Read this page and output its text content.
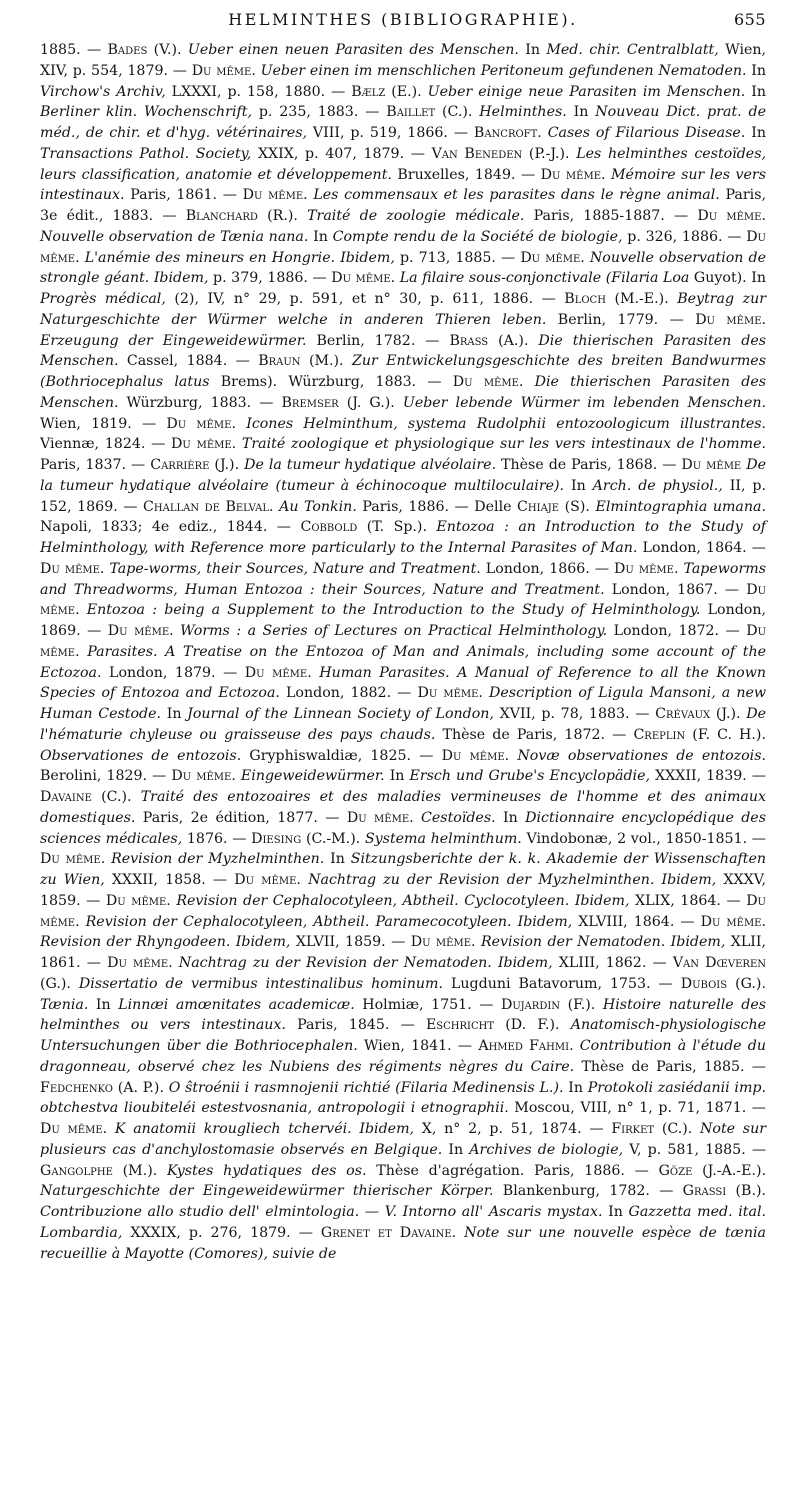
HELMINTHES (BIBLIOGRAPHIE).	655
1885. — Bades (V.). Ueber einen neuen Parasiten des Menschen. In Med. chir. Centralblatt, Wien, XIV, p. 554, 1879. — Du même. Ueber einen im menschlichen Peritoneum gefundenen Nematoden. In Virchow's Archiv, LXXXI, p. 158, 1880. — Bælz (E.). Ueber einige neue Parasiten im Menschen. In Berliner klin. Wochenschrift, p. 235, 1883. — Baillet (C.). Helminthes. In Nouveau Dict. prat. de méd., de chir. et d'hyg. vétérinaires, VIII, p. 519, 1866. — Bancroft. Cases of Filarious Disease. In Transactions Pathol. Society, XXIX, p. 407, 1879. — Van Beneden (P.-J.). Les helminthes cestoïdes, leurs classification, anatomie et développement. Bruxelles, 1849. — Du même. Mémoire sur les vers intestinaux. Paris, 1861. — Du même. Les commensaux et les parasites dans le règne animal. Paris, 3e édit., 1883. — Blanchard (R.). Traité de zoologie médicale. Paris, 1885-1887. — Du même. Nouvelle observation de Tænia nana. In Compte rendu de la Société de biologie, p. 326, 1886. — Du même. L'anémie des mineurs en Hongrie. Ibidem, p. 713, 1885. — Du même. Nouvelle observation de strongle géant. Ibidem, p. 379, 1886. — Du même. La filaire sous-conjonctivale (Filaria Loa Guyot). In Progrès médical, (2), IV, n° 29, p. 591, et n° 30, p. 611, 1886. — Bloch (M.-E.). Beytrag zur Naturgeschichte der Würmer welche in anderen Thieren leben. Berlin, 1779. — Du même. Erzeugung der Eingeweidewürmer. Berlin, 1782. — Brass (A.). Die thierischen Parasiten des Menschen. Cassel, 1884. — Braun (M.). Zur Entwickelungsgeschichte des breiten Bandwurmes (Bothriocephalus latus Brems). Würzburg, 1883. — Du même. Die thierischen Parasiten des Menschen. Würzburg, 1883. — Bremser (J. G.). Ueber lebende Würmer im lebenden Menschen. Wien, 1819. — Du même. Icones Helminthum, systema Rudolphii entozoologicum illustrantes. Viennæ, 1824. — Du même. Traité zoologique et physiologique sur les vers intestinaux de l'homme. Paris, 1837. — Carrière (J.). De la tumeur hydatique alvéolaire. Thèse de Paris, 1868. — Du même De la tumeur hydatique alvéolaire (tumeur à échinocoque multiloculaire). In Arch. de physiol., II, p. 152, 1869. — Challan de Belval. Au Tonkin. Paris, 1886. — Delle Chiaje (S). Elmintographia umana. Napoli, 1833; 4e ediz., 1844. — Cobbold (T. Sp.). Entozoa : an Introduction to the Study of Helminthology, with Reference more particularly to the Internal Parasites of Man. London, 1864. — Du même. Tape-worms, their Sources, Nature and Treatment. London, 1866. — Du même. Tapeworms and Threadworms, Human Entozoa : their Sources, Nature and Treatment. London, 1867. — Du même. Entozoa : being a Supplement to the Introduction to the Study of Helminthology. London, 1869. — Du même. Worms : a Series of Lectures on Practical Helminthology. London, 1872. — Du même. Parasites. A Treatise on the Entozoa of Man and Animals, including some account of the Ectozoa. London, 1879. — Du même. Human Parasites. A Manual of Reference to all the Known Species of Entozoa and Ectozoa. London, 1882. — Du même. Description of Ligula Mansoni, a new Human Cestode. In Journal of the Linnean Society of London, XVII, p. 78, 1883. — Crévaux (J.). De l'hématurie chyleuse ou graisseuse des pays chauds. Thèse de Paris, 1872. — Creplin (F. C. H.). Observationes de entozois. Gryphiswaldiæ, 1825. — Du même. Novæ observationes de entozois. Berolini, 1829. — Du même. Eingeweidewürmer. In Ersch und Grube's Encyclopädie, XXXII, 1839. — Davaine (C.). Traité des entozoaires et des maladies vermineuses de l'homme et des animaux domestiques. Paris, 2e édition, 1877. — Du même. Cestoïdes. In Dictionnaire encyclopédique des sciences médicales, 1876. — Diesing (C.-M.). Systema helminthum. Vindobonæ, 2 vol., 1850-1851. — Du même. Revision der Myzhelminthen. In Sitzungsberichte der k. k. Akademie der Wissenschaften zu Wien, XXXII, 1858. — Du même. Nachtrag zu der Revision der Myzhelminthen. Ibidem, XXXV, 1859. — Du même. Revision der Cephalocotyleen, Abtheil. Cyclocotyleen. Ibidem, XLIX, 1864. — Du même. Revision der Cephalocotyleen, Abtheil. Paramecocotyleen. Ibidem, XLVIII, 1864. — Du même. Revision der Rhyngodeen. Ibidem, XLVII, 1859. — Du même. Revision der Nematoden. Ibidem, XLII, 1861. — Du même. Nachtrag zu der Revision der Nematoden. Ibidem, XLIII, 1862. — Van Dœveren (G.). Dissertatio de vermibus intestinalibus hominum. Lugduni Batavorum, 1753. — Dubois (G.). Tænia. In Linnæi amœnitates academicæ. Holmiæ, 1751. — Dujardin (F.). Histoire naturelle des helminthes ou vers intestinaux. Paris, 1845. — Eschricht (D. F.). Anatomisch-physiologische Untersuchungen über die Bothriocephalen. Wien, 1841. — Ahmed Fahmi. Contribution à l'étude du dragonneau, observé chez les Nubiens des régiments nègres du Caire. Thèse de Paris, 1885. — Fedchenko (A. P.). O ŝtroénii i rasmnojenii richtié (Filaria Medinensis L.). In Protokoli zasiédanii imp. obtchestva lioubiteléi estestvosnania, antropologii i etnographii. Moscou, VIII, n° 1, p. 71, 1871. — Du même. K anatomii krougliech tchervéi. Ibidem, X, n° 2, p. 51, 1874. — Firket (C.). Note sur plusieurs cas d'anchylostomasie observés en Belgique. In Archives de biologie, V, p. 581, 1885. — Gangolphe (M.). Kystes hydatiques des os. Thèse d'agrégation. Paris, 1886. — Göze (J.-A.-E.). Naturgeschichte der Eingeweidewürmer thierischer Körper. Blankenburg, 1782. — Grassi (B.). Contribuzione allo studio dell' elmintologia. — V. Intorno all' Ascaris mystax. In Gazzetta med. ital. Lombardia, XXXIX, p. 276, 1879. — Grenet et Davaine. Note sur une nouvelle espèce de tænia recueillie à Mayotte (Comores), suivie de
